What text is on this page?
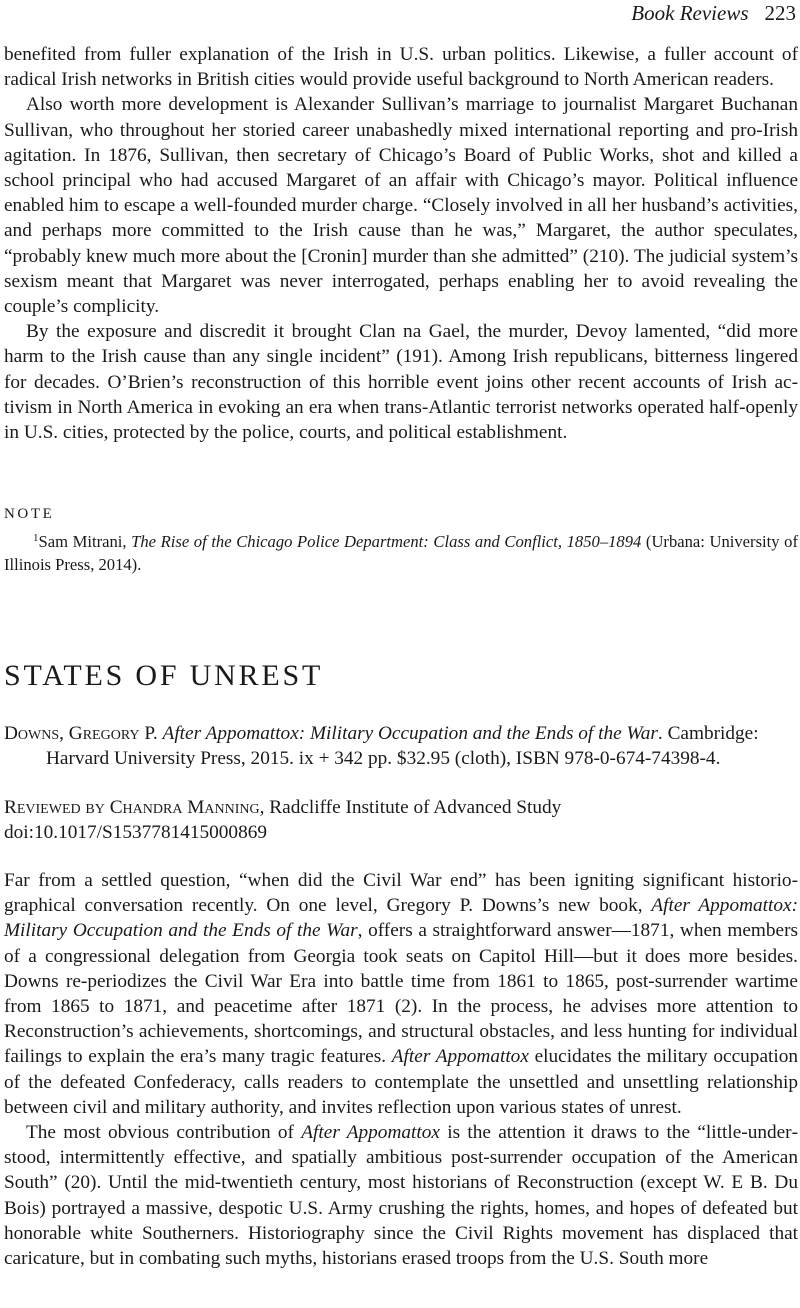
Book Reviews 223

benefited from fuller explanation of the Irish in U.S. urban politics. Likewise, a fuller account of radical Irish networks in British cities would provide useful background to North American readers.

Also worth more development is Alexander Sullivan’s marriage to journalist Margaret Buchanan Sullivan, who throughout her storied career unabashedly mixed international reporting and pro-Irish agitation. In 1876, Sullivan, then secretary of Chicago’s Board of Public Works, shot and killed a school principal who had accused Margaret of an affair with Chicago’s mayor. Political influence enabled him to escape a well-founded murder charge. “Closely involved in all her husband’s activities, and perhaps more committed to the Irish cause than he was,” Margaret, the author speculates, “probably knew much more about the [Cronin] murder than she admitted” (210). The judicial system’s sexism meant that Margaret was never interrogated, perhaps enabling her to avoid revealing the couple’s complicity.

By the exposure and discredit it brought Clan na Gael, the murder, Devoy lamented, “did more harm to the Irish cause than any single incident” (191). Among Irish republicans, bitterness lingered for decades. O’Brien’s reconstruction of this horrible event joins other recent accounts of Irish activism in North America in evoking an era when trans-Atlantic terrorist networks operated half-openly in U.S. cities, protected by the police, courts, and political establishment.

NOTE
$^1$Sam Mitrani, The Rise of the Chicago Police Department: Class and Conflict, 1850–1894 (Urbana: University of Illinois Press, 2014).
STATES OF UNREST
Downs, Gregory P. After Appomattox: Military Occupation and the Ends of the War. Cambridge: Harvard University Press, 2015. ix + 342 pp. $32.95 (cloth), ISBN 978-0-674-74398-4.
Reviewed by Chandra Manning, Radcliffe Institute of Advanced Study
doi:10.1017/S1537781415000869

Far from a settled question, “when did the Civil War end” has been igniting significant historiographical conversation recently. On one level, Gregory P. Downs’s new book, After Appomattox: Military Occupation and the Ends of the War, offers a straightforward answer—1871, when members of a congressional delegation from Georgia took seats on Capitol Hill—but it does more besides. Downs re-periodizes the Civil War Era into battle time from 1861 to 1865, post-surrender wartime from 1865 to 1871, and peacetime after 1871 (2). In the process, he advises more attention to Reconstruction’s achievements, shortcomings, and structural obstacles, and less hunting for individual failings to explain the era’s many tragic features. After Appomattox elucidates the military occupation of the defeated Confederacy, calls readers to contemplate the unsettled and unsettling relationship between civil and military authority, and invites reflection upon various states of unrest.

The most obvious contribution of After Appomattox is the attention it draws to the “little-understood, intermittently effective, and spatially ambitious post-surrender occupation of the American South” (20). Until the mid-twentieth century, most historians of Reconstruction (except W. E B. Du Bois) portrayed a massive, despotic U.S. Army crushing the rights, homes, and hopes of defeated but honorable white Southerners. Historiography since the Civil Rights movement has displaced that caricature, but in combating such myths, historians erased troops from the U.S. South more
